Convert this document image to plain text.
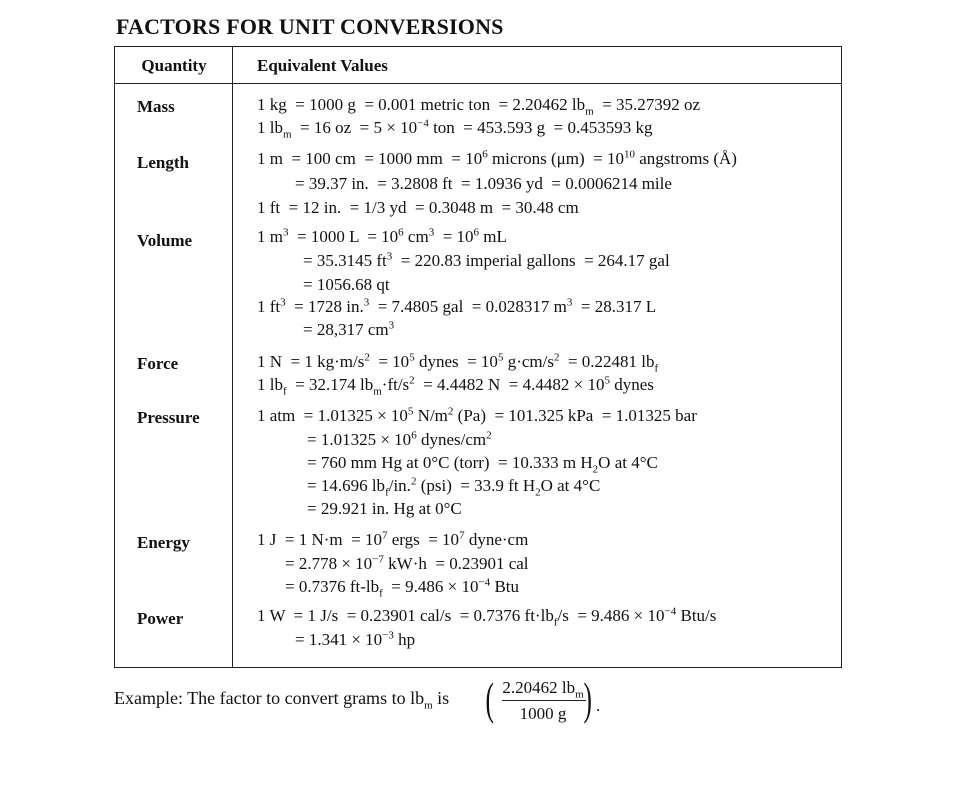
FACTORS FOR UNIT CONVERSIONS
Quantity	Equivalent Values
Mass	1 kg  = 1000 g  = 0.001 metric ton  = 2.20462 $lb_m = 35.27392$ oz
1 $lb_m = 16$ oz  = $5 \times 10^{-4}$ ton  = 453.593 g  = 0.453593 kg
Length	1 m  = 100 cm  = 1000 mm  = $10^6$ microns $(\mu m) = 10^{10}$ angstroms (Å)
= 39.37 in.  = 3.2808 ft  = 1.0936 yd  = 0.0006214 mile
1 ft  = 12 in.  = 1/3 yd  = 0.3048 m  = 30.48 cm
Volume	1 $m^3 = 1000$ $L = 10^6$ $cm^3 = 10^6$ mL
= 35.3145 $ft^3 = 220.83$ imperial gallons  = 264.17 gal
= 1056.68 qt
1 $ft^3 = 1728$ in.$^3$  = 7.4805 gal  = 0.028317 $m^3 = 28.317$ L
= 28,317 $cm^3$
Force	1 N  = 1 $kg\cdot m/s^2 = 10^5$ dynes  = $10^5$ $g\cdot cm/s^2 = 0.22481$ $lb_f$
1 $lb_f = 32.174$ $lb_m\cdot ft/s^2 = 4.4482$ $N = 4.4482 \times 10^5$ dynes
Pressure	1 atm  = $1.01325 \times 10^5$ $N/m^2$ (Pa)  = 101.325 kPa  = 1.01325 bar
= $1.01325 \times 10^6$ dynes/$cm^2$
= 760 mm Hg at 0°C (torr)  = 10.333 m $H_2O$ at 4°C
= 14.696 $lb_f/in.^2$ (psi)  = 33.9 ft $H_2O$ at 4°C
= 29.921 in. Hg at 0°C
Energy	1 J  = 1 $N\cdot m = 10^7$ ergs  = $10^7$ dyne·cm
= $2.778 \times 10^{-7}$ kW·h  = 0.23901 cal
= 0.7376 $ft-lb_f = 9.486 \times 10^{-4}$ Btu
Power	1 W  = 1 J/s  = 0.23901 cal/s  = 0.7376 $ft\cdot lb_f/s = 9.486 \times 10^{-4}$ Btu/s
= $1.341 \times 10^{-3}$ hp
Example: The factor to convert grams to $lb_m$ is ( 2.20462 $lb_m$
1000 g ) .
